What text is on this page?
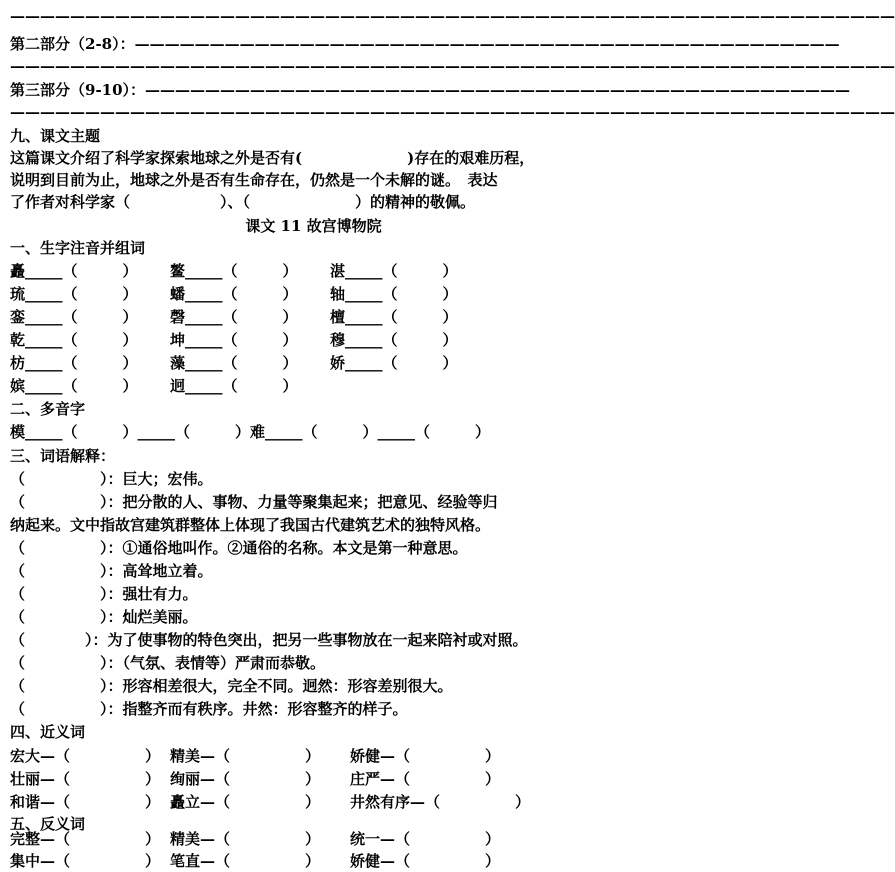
———————————————————————————————————————————————————————————
第二部分（2-8）：———————————————————————————————————————————————
———————————————————————————————————————————————————————————
第三部分（9-10）：———————————————————————————————————————————————
———————————————————————————————————————————————————————————
九、课文主题
这篇课文介绍了科学家探索地球之外是否有(　　　　　　　)存在的艰难历程，
说明到目前为止，地球之外是否有生命存在，仍然是一个未解的谜。　表达
了作者对科学家（　　　　　　）、（　　　　　　　）的精神的敬佩。
课文 11 故宫博物院
一、生字注音并组词
矗_____（　　　） 鳌_____（　　　） 湛_____（　　　）
琉_____（　　　） 蟠_____（　　　） 轴_____（　　　）
銮_____（　　　） 磬_____（　　　） 檀_____（　　　）
乾_____（　　　） 坤_____（　　　） 穆_____（　　　）
枋_____（　　　） 藻_____（　　　） 娇_____（　　　）
嫔_____（　　　） 迥_____（　　　）
二、多音字
模_____（　　　）_____（　　　）难_____（　　　）_____（　　　）
三、词语解释：
（　　　　　）：巨大；宏伟。
（　　　　　）：把分散的人、事物、力量等聚集起来；把意见、经验等归
纳起来。文中指故宫建筑群整体上体现了我国古代建筑艺术的独特风格。
（　　　　　）：①通俗地叫作。②通俗的名称。本文是第一种意思。
（　　　　　）：高耸地立着。
（　　　　　）：强壮有力。
（　　　　　）：灿烂美丽。
（　　　　）：为了使事物的特色突出，把另一些事物放在一起来陪衬或对照。
（　　　　　）：（气氛、表情等）严肃而恭敬。
（　　　　　）：形容相差很大，完全不同。迥然：形容差别很大。
（　　　　　）：指整齐而有秩序。井然：形容整齐的样子。
四、近义词
宏大—（　　　　　） 精美—（　　　　　） 娇健—（　　　　　）
壮丽—（　　　　　） 绚丽—（　　　　　） 庄严—（　　　　　）
和谐—（　　　　　） 矗立—（　　　　　） 井然有序—（　　　　　）
五、反义词
完整—（　　　　　） 精美—（　　　　　） 统一—（　　　　　）
集中—（　　　　　） 笔直—（　　　　　） 娇健—（　　　　　）
